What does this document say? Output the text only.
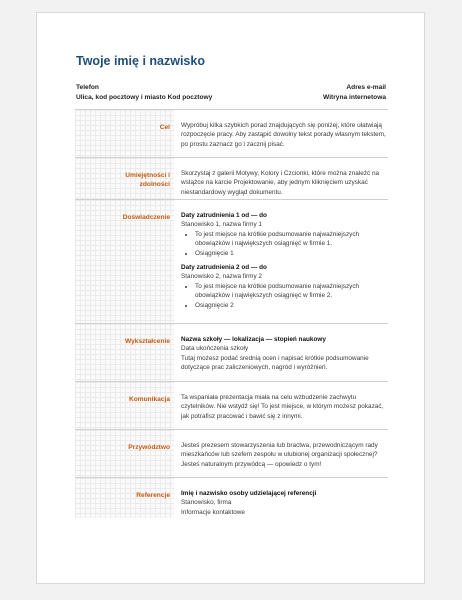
Twoje imię i nazwisko
Telefon
Ulica, kod pocztowy i miasto Kod pocztowy
Adres e-mail
Witryna internetowa
Cel Wypróbuj kilka szybkich porad znajdujących się poniżej, które ułatwiają rozpoczęcie pracy. Aby zastąpić dowolny tekst porady własnym tekstem, po prostu zaznacz go i zacznij pisać.
Umiejętności i
zdolności
Skorzystaj z galerii Motywy, Kolory i Czcionki, które można znaleźć na wstążce na karcie Projektowanie, aby jednym kliknięciem uzyskać niestandardowy wygląd dokumentu.
Doświadczenie Daty zatrudnienia 1 od — do
Stanowisko 1, nazwa firmy 1
• To jest miejsce na krótkie podsumowanie najważniejszych obowiązków i największych osiągnięć w firmie 1.
• Osiągnięcie 1
Daty zatrudnienia 2 od — do
Stanowisko 2, nazwa firmy 2
• To jest miejsce na krótkie podsumowanie najważniejszych obowiązków i największych osiągnięć w firmie 2.
• Osiągnięcie 2
Wykształcenie Nazwa szkoły — lokalizacja — stopień naukowy
Data ukończenia szkoły
Tutaj możesz podać średnią ocen i napisać krótkie podsumowanie dotyczące prac zaliczeniowych, nagród i wyróżnień.
Komunikacja Ta wspaniała prezentacja miała na celu wzbudzenie zachwytu czytelników. Nie wstydź się! To jest miejsce, w którym możesz pokazać, jak potrafisz pracować i bawić się z innymi.
Przywództwo Jesteś prezesem stowarzyszenia lub bractwa, przewodniczącym rady mieszkańców lub szefem zespołu w ulubionej organizacji społecznej? Jesteś naturalnym przywódcą — opowiedz o tym!
Referencje Imię i nazwisko osoby udzielającej referencji
Stanowisko, firma
Informacje kontaktowe
